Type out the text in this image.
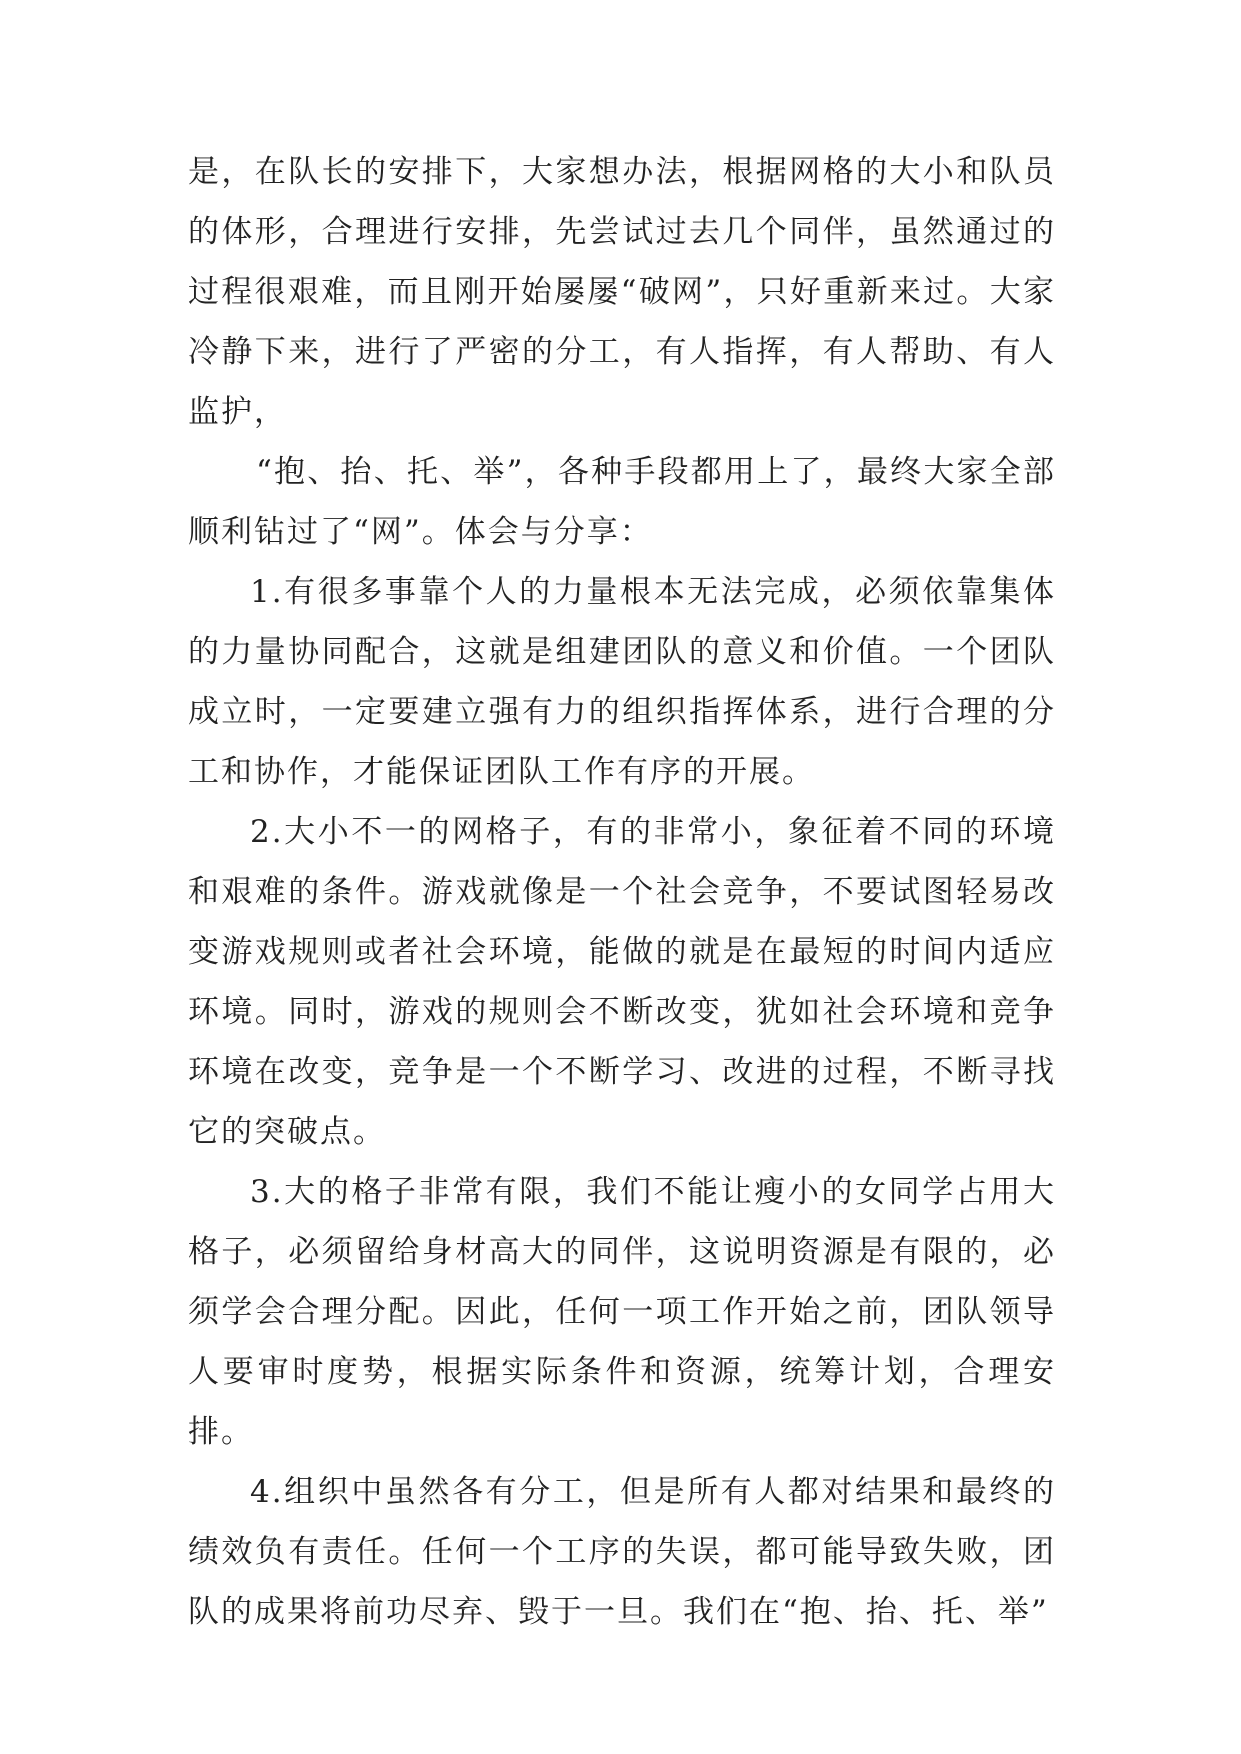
是，在队长的安排下，大家想办法，根据网格的大小和队员的体形，合理进行安排，先尝试过去几个同伴，虽然通过的过程很艰难，而且刚开始屡屡“破网”，只好重新来过。大家冷静下来，进行了严密的分工，有人指挥，有人帮助、有人监护，

“抱、抬、托、举”，各种手段都用上了，最终大家全部顺利钻过了“网”。体会与分享：

1.有很多事靠个人的力量根本无法完成，必须依靠集体的力量协同配合，这就是组建团队的意义和价值。一个团队成立时，一定要建立强有力的组织指挥体系，进行合理的分工和协作，才能保证团队工作有序的开展。

2.大小不一的网格子，有的非常小，象征着不同的环境和艰难的条件。游戏就像是一个社会竞争，不要试图轻易改变游戏规则或者社会环境，能做的就是在最短的时间内适应环境。同时，游戏的规则会不断改变，犹如社会环境和竞争环境在改变，竞争是一个不断学习、改进的过程，不断寻找它的突破点。

3.大的格子非常有限，我们不能让瘦小的女同学占用大格子，必须留给身材高大的同伴，这说明资源是有限的，必须学会合理分配。因此，任何一项工作开始之前，团队领导人要审时度势，根据实际条件和资源，统筹计划，合理安排。

4.组织中虽然各有分工，但是所有人都对结果和最终的绩效负有责任。任何一个工序的失误，都可能导致失败，团队的成果将前功尽弃、毁于一旦。我们在“抱、抬、托、举”
